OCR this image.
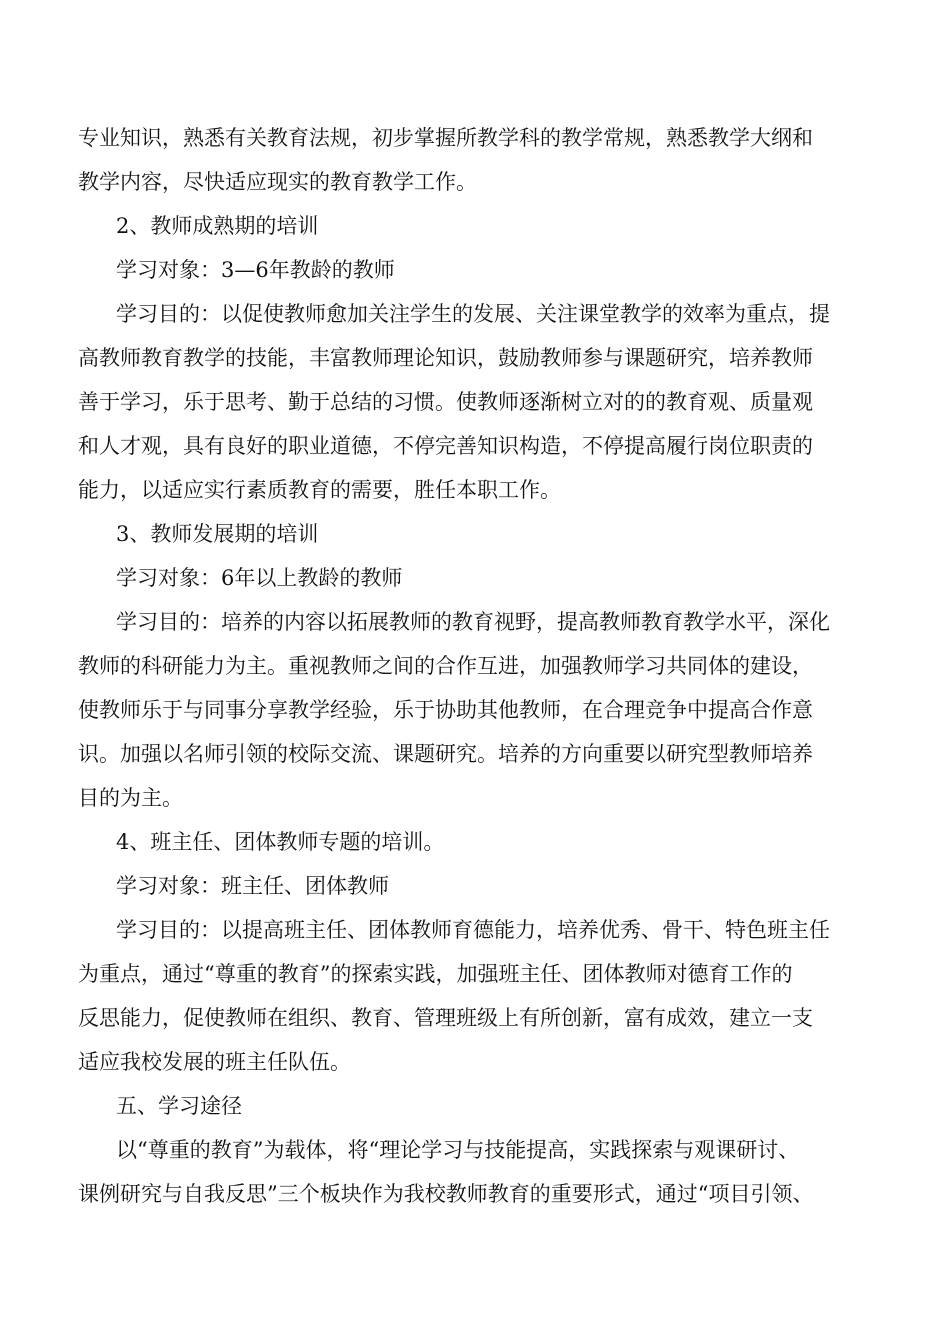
专业知识，熟悉有关教育法规，初步掌握所教学科的教学常规，熟悉教学大纲和
教学内容，尽快适应现实的教育教学工作。
2、教师成熟期的培训
学习对象：3—6年教龄的教师
学习目的：以促使教师愈加关注学生的发展、关注课堂教学的效率为重点，提
高教师教育教学的技能，丰富教师理论知识，鼓励教师参与课题研究，培养教师
善于学习，乐于思考、勤于总结的习惯。使教师逐渐树立对的的教育观、质量观
和人才观，具有良好的职业道德，不停完善知识构造，不停提高履行岗位职责的
能力，以适应实行素质教育的需要，胜任本职工作。
3、教师发展期的培训
学习对象：6年以上教龄的教师
学习目的：培养的内容以拓展教师的教育视野，提高教师教育教学水平，深化
教师的科研能力为主。重视教师之间的合作互进，加强教师学习共同体的建设，
使教师乐于与同事分享教学经验，乐于协助其他教师，在合理竞争中提高合作意
识。加强以名师引领的校际交流、课题研究。培养的方向重要以研究型教师培养
目的为主。
4、班主任、团体教师专题的培训。
学习对象：班主任、团体教师
学习目的：以提高班主任、团体教师育德能力，培养优秀、骨干、特色班主任
为重点，通过“尊重的教育”的探索实践，加强班主任、团体教师对德育工作的
反思能力，促使教师在组织、教育、管理班级上有所创新，富有成效，建立一支
适应我校发展的班主任队伍。
五、学习途径
以“尊重的教育”为载体，将“理论学习与技能提高，实践探索与观课研讨、
课例研究与自我反思”三个板块作为我校教师教育的重要形式，通过“项目引领、
